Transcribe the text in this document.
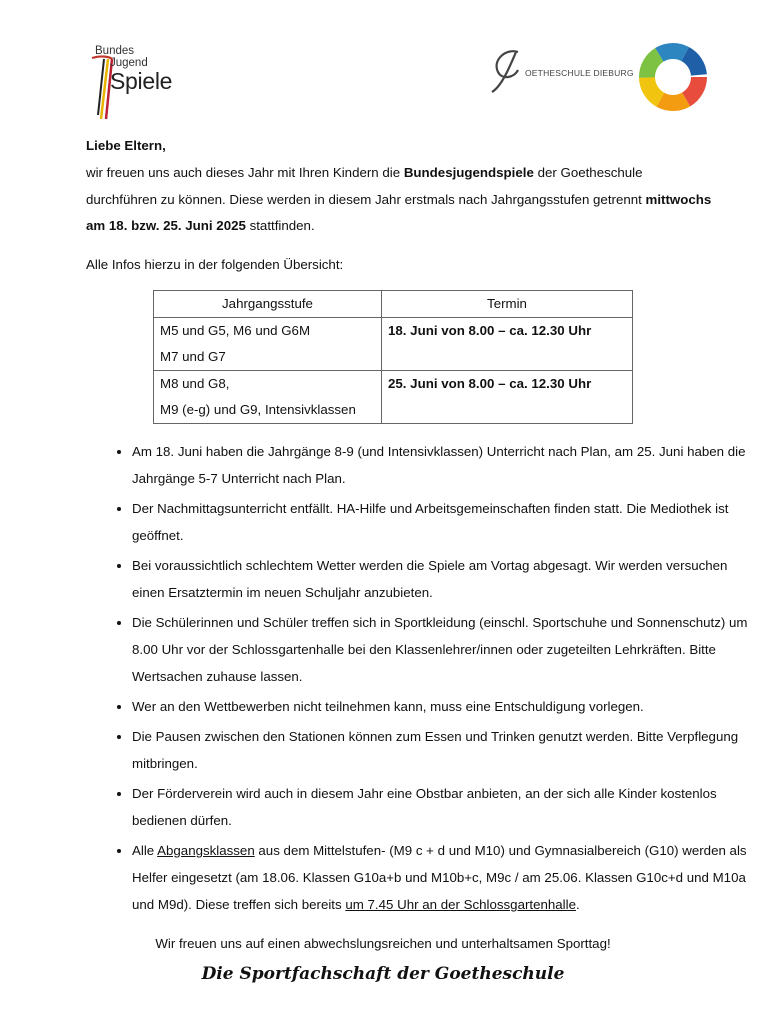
Bundes
Jugend
Spiele	OETHESCHULE DIEBURG
Liebe Eltern,
wir freuen uns auch dieses Jahr mit Ihren Kindern die Bundesjugendspiele der Goetheschule durchführen zu können. Diese werden in diesem Jahr erstmals nach Jahrgangsstufen getrennt mittwochs am 18. bzw. 25. Juni 2025 stattfinden.
Alle Infos hierzu in der folgenden Übersicht:
Jahrgangsstufe	Termin

M5 und G5, M6 und G6M
M7 und G7	18. Juni von 8.00 – ca. 12.30 Uhr

M8 und G8,
M9 (e-g) und G9, Intensivklassen	25. Juni von 8.00 – ca. 12.30 Uhr
• Am 18. Juni haben die Jahrgänge 8-9 (und Intensivklassen) Unterricht nach Plan, am 25. Juni haben die Jahrgänge 5-7 Unterricht nach Plan.
• Der Nachmittagsunterricht entfällt. HA-Hilfe und Arbeitsgemeinschaften finden statt. Die Mediothek ist geöffnet.
• Bei voraussichtlich schlechtem Wetter werden die Spiele am Vortag abgesagt. Wir werden versuchen einen Ersatztermin im neuen Schuljahr anzubieten.
• Die Schülerinnen und Schüler treffen sich in Sportkleidung (einschl. Sportschuhe und Sonnenschutz) um 8.00 Uhr vor der Schlossgartenhalle bei den Klassenlehrer/innen oder zugeteilten Lehrkräften. Bitte Wertsachen zuhause lassen.
• Wer an den Wettbewerben nicht teilnehmen kann, muss eine Entschuldigung vorlegen.
• Die Pausen zwischen den Stationen können zum Essen und Trinken genutzt werden. Bitte Verpflegung mitbringen.
• Der Förderverein wird auch in diesem Jahr eine Obstbar anbieten, an der sich alle Kinder kostenlos bedienen dürfen.
• Alle Abgangsklassen aus dem Mittelstufen- (M9 c + d und M10) und Gymnasialbereich (G10) werden als Helfer eingesetzt (am 18.06. Klassen G10a+b und M10b+c, M9c / am 25.06. Klassen G10c+d und M10a und M9d). Diese treffen sich bereits um 7.45 Uhr an der Schlossgartenhalle.
Wir freuen uns auf einen abwechslungsreichen und unterhaltsamen Sporttag!
Die Sportfachschaft der Goetheschule
